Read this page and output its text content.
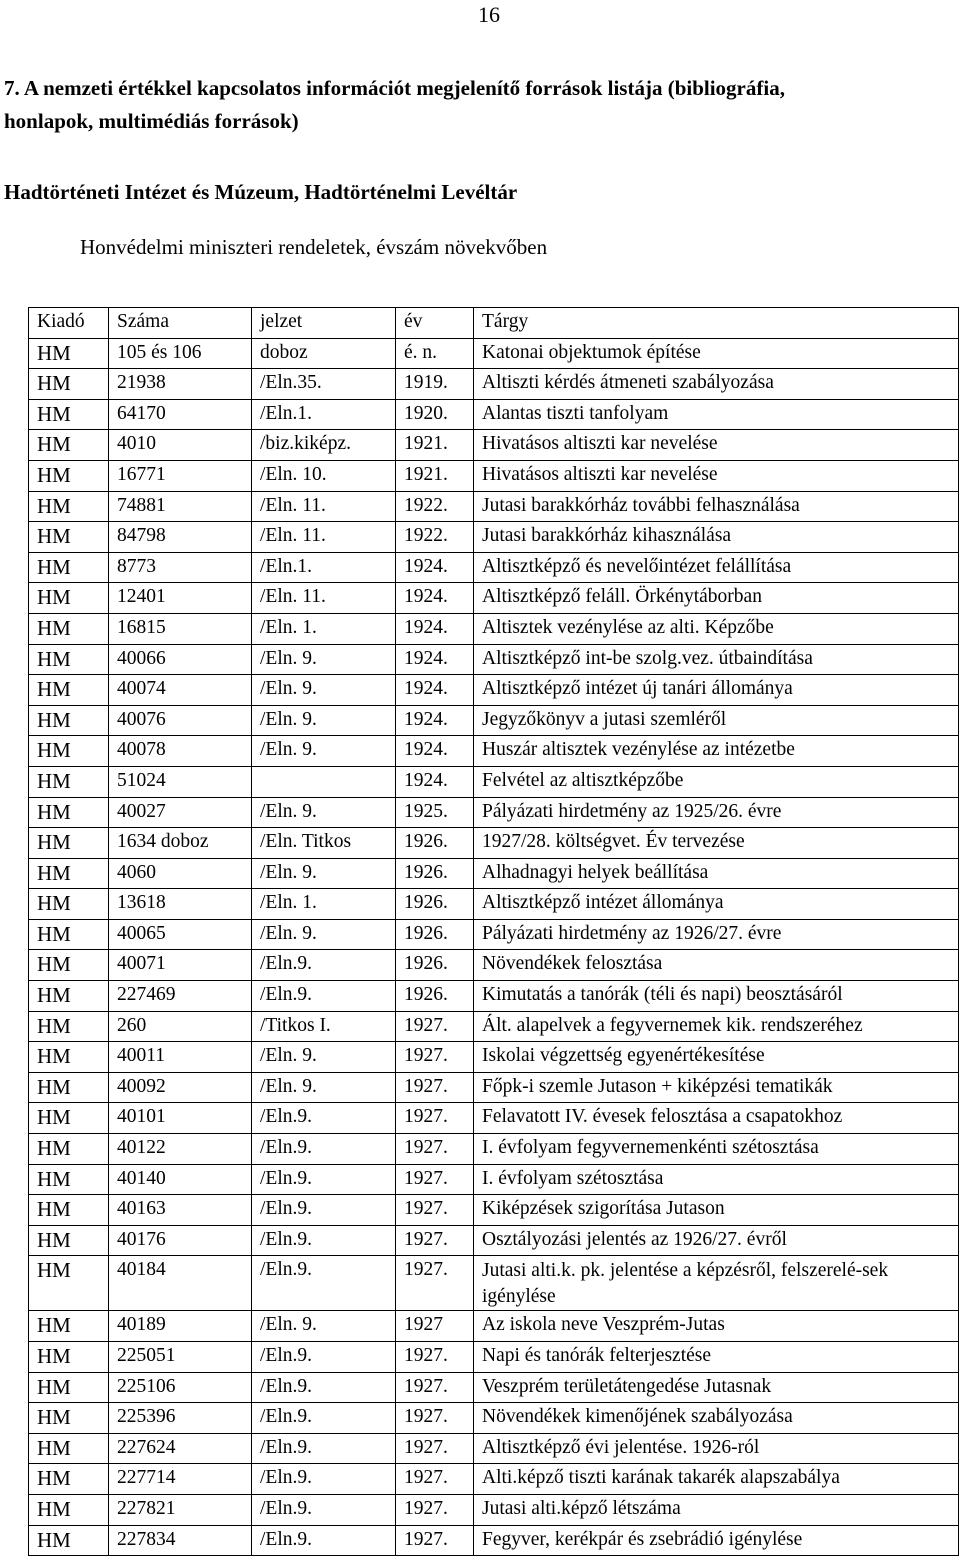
16
7. A nemzeti értékkel kapcsolatos információt megjelenítő források listája (bibliográfia,
honlapok, multimédiás források)
Hadtörténeti Intézet és Múzeum, Hadtörténelmi Levéltár
Honvédelmi miniszteri rendeletek, évszám növekvőben
Kiadó	Száma	jelzet	év	Tárgy
HM	105 és 106	doboz	é. n.	Katonai objektumok építése
HM	21938	/Eln.35.	1919.	Altiszti kérdés átmeneti szabályozása
HM	64170	/Eln.1.	1920.	Alantas tiszti tanfolyam
HM	4010	/biz.kiképz.	1921.	Hivatásos altiszti kar nevelése
HM	16771	/Eln. 10.	1921.	Hivatásos altiszti kar nevelése
HM	74881	/Eln. 11.	1922.	Jutasi barakkórház további felhasználása
HM	84798	/Eln. 11.	1922.	Jutasi barakkórház kihasználása
HM	8773	/Eln.1.	1924.	Altisztképző és nevelőintézet felállítása
HM	12401	/Eln. 11.	1924.	Altisztképző feláll. Örkénytáborban
HM	16815	/Eln. 1.	1924.	Altisztek vezénylése az alti. Képzőbe
HM	40066	/Eln. 9.	1924.	Altisztképző int-be szolg.vez. útbaindítása
HM	40074	/Eln. 9.	1924.	Altisztképző intézet új tanári állománya
HM	40076	/Eln. 9.	1924.	Jegyzőkönyv a jutasi szemléről
HM	40078	/Eln. 9.	1924.	Huszár altisztek vezénylése az intézetbe
HM	51024		1924.	Felvétel az altisztképzőbe
HM	40027	/Eln. 9.	1925.	Pályázati hirdetmény az 1925/26. évre
HM	1634 doboz	/Eln. Titkos	1926.	1927/28. költségvet. Év tervezése
HM	4060	/Eln. 9.	1926.	Alhadnagyi helyek beállítása
HM	13618	/Eln. 1.	1926.	Altisztképző intézet állománya
HM	40065	/Eln. 9.	1926.	Pályázati hirdetmény az 1926/27. évre
HM	40071	/Eln.9.	1926.	Növendékek felosztása
HM	227469	/Eln.9.	1926.	Kimutatás a tanórák (téli és napi) beosztásáról
HM	260	/Titkos I.	1927.	Ált. alapelvek a fegyvernemek kik. rendszeréhez
HM	40011	/Eln. 9.	1927.	Iskolai végzettség egyenértékesítése
HM	40092	/Eln. 9.	1927.	Főpk-i szemle Jutason + kiképzési tematikák
HM	40101	/Eln.9.	1927.	Felavatott IV. évesek felosztása a csapatokhoz
HM	40122	/Eln.9.	1927.	I. évfolyam fegyvernemenkénti szétosztása
HM	40140	/Eln.9.	1927.	I. évfolyam szétosztása
HM	40163	/Eln.9.	1927.	Kiképzések szigorítása Jutason
HM	40176	/Eln.9.	1927.	Osztályozási jelentés az 1926/27. évről
HM	40184	/Eln.9.	1927.	Jutasi alti.k. pk. jelentése a képzésről, felszerelé-sek igénylése
HM	40189	/Eln. 9.	1927	Az iskola neve Veszprém-Jutas
HM	225051	/Eln.9.	1927.	Napi és tanórák felterjesztése
HM	225106	/Eln.9.	1927.	Veszprém területátengedése Jutasnak
HM	225396	/Eln.9.	1927.	Növendékek kimenőjének szabályozása
HM	227624	/Eln.9.	1927.	Altisztképző évi jelentése. 1926-ról
HM	227714	/Eln.9.	1927.	Alti.képző tiszti karának takarék alapszabálya
HM	227821	/Eln.9.	1927.	Jutasi alti.képző létszáma
HM	227834	/Eln.9.	1927.	Fegyver, kerékpár és zsebrádió igénylése
